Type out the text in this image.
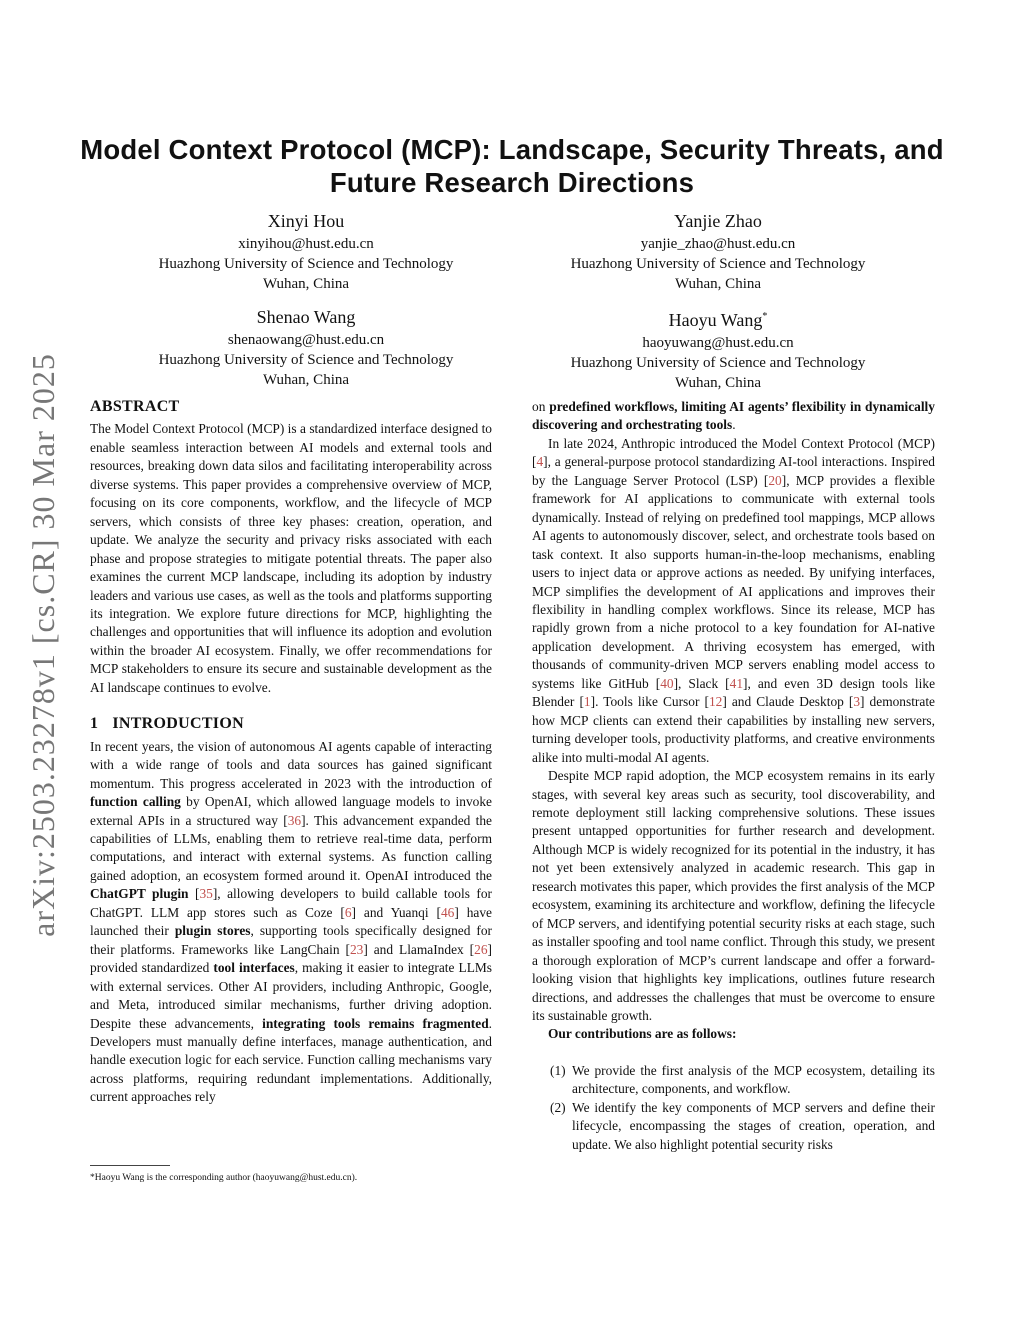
arXiv:2503.23278v1 [cs.CR] 30 Mar 2025
Model Context Protocol (MCP): Landscape, Security Threats, and
Future Research Directions
Xinyi Hou
xinyihou@hust.edu.cn
Huazhong University of Science and Technology
Wuhan, China
Yanjie Zhao
yanjie_zhao@hust.edu.cn
Huazhong University of Science and Technology
Wuhan, China
Shenao Wang
shenaowang@hust.edu.cn
Huazhong University of Science and Technology
Wuhan, China
Haoyu Wang*
haoyuwang@hust.edu.cn
Huazhong University of Science and Technology
Wuhan, China
ABSTRACT

The Model Context Protocol (MCP) is a standardized interface designed to enable seamless interaction between AI models and external tools and resources, breaking down data silos and facilitating interoperability across diverse systems. This paper provides a comprehensive overview of MCP, focusing on its core components, workflow, and the lifecycle of MCP servers, which consists of three key phases: creation, operation, and update. We analyze the security and privacy risks associated with each phase and propose strategies to mitigate potential threats. The paper also examines the current MCP landscape, including its adoption by industry leaders and various use cases, as well as the tools and platforms supporting its integration. We explore future directions for MCP, highlighting the challenges and opportunities that will influence its adoption and evolution within the broader AI ecosystem. Finally, we offer recommendations for MCP stakeholders to ensure its secure and sustainable development as the AI landscape continues to evolve.

1 INTRODUCTION

In recent years, the vision of autonomous AI agents capable of interacting with a wide range of tools and data sources has gained significant momentum. This progress accelerated in 2023 with the introduction of function calling by OpenAI, which allowed language models to invoke external APIs in a structured way [36]. This advancement expanded the capabilities of LLMs, enabling them to retrieve real-time data, perform computations, and interact with external systems. As function calling gained adoption, an ecosystem formed around it. OpenAI introduced the ChatGPT plugin [35], allowing developers to build callable tools for ChatGPT. LLM app stores such as Coze [6] and Yuanqi [46] have launched their plugin stores, supporting tools specifically designed for their platforms. Frameworks like LangChain [23] and LlamaIndex [26] provided standardized tool interfaces, making it easier to integrate LLMs with external services. Other AI providers, including Anthropic, Google, and Meta, introduced similar mechanisms, further driving adoption. Despite these advancements, integrating tools remains fragmented. Developers must manually define interfaces, manage authentication, and handle execution logic for each service. Function calling mechanisms vary across platforms, requiring redundant implementations. Additionally, current approaches rely

on predefined workflows, limiting AI agents’ flexibility in dynamically discovering and orchestrating tools.

In late 2024, Anthropic introduced the Model Context Protocol (MCP)[4], a general-purpose protocol standardizing AI-tool interactions. Inspired by the Language Server Protocol (LSP) [20], MCP provides a flexible framework for AI applications to communicate with external tools dynamically. Instead of relying on predefined tool mappings, MCP allows AI agents to autonomously discover, select, and orchestrate tools based on task context. It also supports human-in-the-loop mechanisms, enabling users to inject data or approve actions as needed. By unifying interfaces, MCP simplifies the development of AI applications and improves their flexibility in handling complex workflows. Since its release, MCP has rapidly grown from a niche protocol to a key foundation for AI-native application development. A thriving ecosystem has emerged, with thousands of community-driven MCP servers enabling model access to systems like GitHub [40], Slack [41], and even 3D design tools like Blender [1]. Tools like Cursor [12] and Claude Desktop [3] demonstrate how MCP clients can extend their capabilities by installing new servers, turning developer tools, productivity platforms, and creative environments alike into multi-modal AI agents.

Despite MCP rapid adoption, the MCP ecosystem remains in its early stages, with several key areas such as security, tool discoverability, and remote deployment still lacking comprehensive solutions. These issues present untapped opportunities for further research and development. Although MCP is widely recognized for its potential in the industry, it has not yet been extensively analyzed in academic research. This gap in research motivates this paper, which provides the first analysis of the MCP ecosystem, examining its architecture and workflow, defining the lifecycle of MCP servers, and identifying potential security risks at each stage, such as installer spoofing and tool name conflict. Through this study, we present a thorough exploration of MCP’s current landscape and offer a forward-looking vision that highlights key implications, outlines future research directions, and addresses the challenges that must be overcome to ensure its sustainable growth.

Our contributions are as follows:

(1) We provide the first analysis of the MCP ecosystem, detailing its architecture, components, and workflow.
(2) We identify the key components of MCP servers and define their lifecycle, encompassing the stages of creation, operation, and update. We also highlight potential security risks
*Haoyu Wang is the corresponding author (haoyuwang@hust.edu.cn).
